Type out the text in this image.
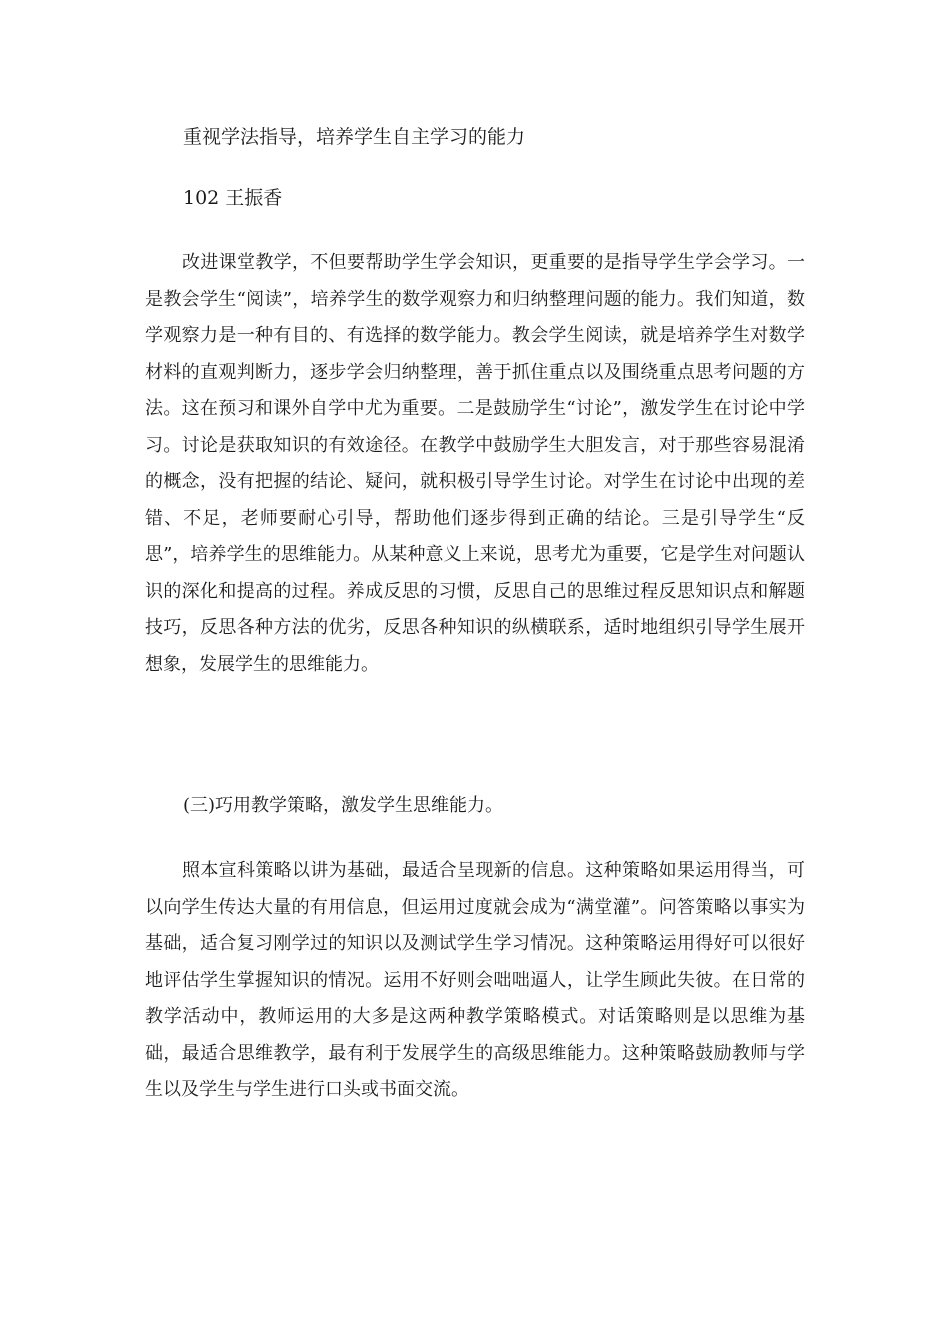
重视学法指导，培养学生自主学习的能力
102 王振香

改进课堂教学，不但要帮助学生学会知识，更重要的是指导学生学会学习。一是教会学生“阅读”，培养学生的数学观察力和归纳整理问题的能力。我们知道，数学观察力是一种有目的、有选择的数学能力。教会学生阅读，就是培养学生对数学材料的直观判断力，逐步学会归纳整理，善于抓住重点以及围绕重点思考问题的方法。这在预习和课外自学中尤为重要。二是鼓励学生“讨论”，激发学生在讨论中学习。讨论是获取知识的有效途径。在教学中鼓励学生大胆发言，对于那些容易混淆的概念，没有把握的结论、疑问，就积极引导学生讨论。对学生在讨论中出现的差错、不足，老师要耐心引导，帮助他们逐步得到正确的结论。三是引导学生“反思”，培养学生的思维能力。从某种意义上来说，思考尤为重要，它是学生对问题认识的深化和提高的过程。养成反思的习惯，反思自己的思维过程反思知识点和解题技巧，反思各种方法的优劣，反思各种知识的纵横联系，适时地组织引导学生展开想象，发展学生的思维能力。

(三)巧用教学策略，激发学生思维能力。

照本宣科策略以讲为基础，最适合呈现新的信息。这种策略如果运用得当，可以向学生传达大量的有用信息，但运用过度就会成为“满堂灌”。问答策略以事实为基础，适合复习刚学过的知识以及测试学生学习情况。这种策略运用得好可以很好地评估学生掌握知识的情况。运用不好则会咄咄逼人，让学生顾此失彼。在日常的教学活动中，教师运用的大多是这两种教学策略模式。对话策略则是以思维为基础，最适合思维教学，最有利于发展学生的高级思维能力。这种策略鼓励教师与学生以及学生与学生进行口头或书面交流。
